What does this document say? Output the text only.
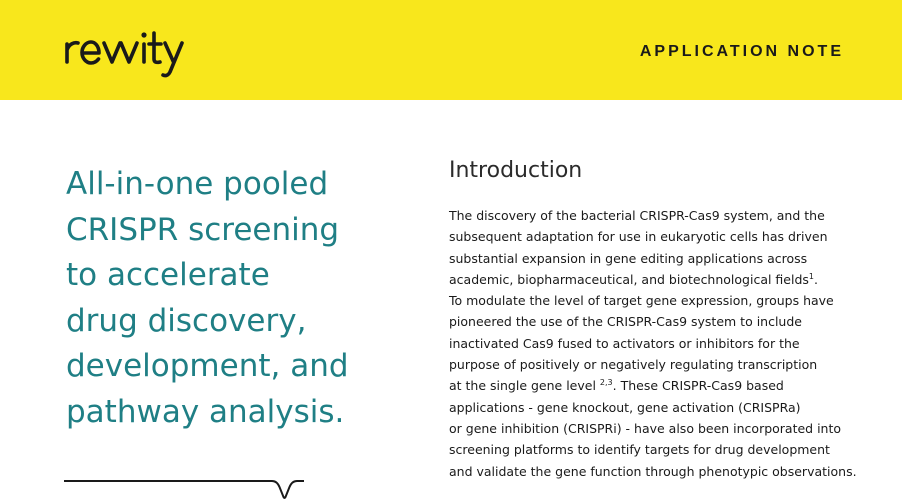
APPLICATION NOTE
All-in-one pooled
CRISPR screening
to accelerate
drug discovery,
development, and
pathway analysis.
Introduction
The discovery of the bacterial CRISPR-Cas9 system, and the
subsequent adaptation for use in eukaryotic cells has driven
substantial expansion in gene editing applications across
academic, biopharmaceutical, and biotechnological fields$^1$.
To modulate the level of target gene expression, groups have
pioneered the use of the CRISPR-Cas9 system to include
inactivated Cas9 fused to activators or inhibitors for the
purpose of positively or negatively regulating transcription
at the single gene level $^{2,3}$. These CRISPR-Cas9 based
applications - gene knockout, gene activation (CRISPRa)
or gene inhibition (CRISPRi) - have also been incorporated into
screening platforms to identify targets for drug development
and validate the gene function through phenotypic observations.
